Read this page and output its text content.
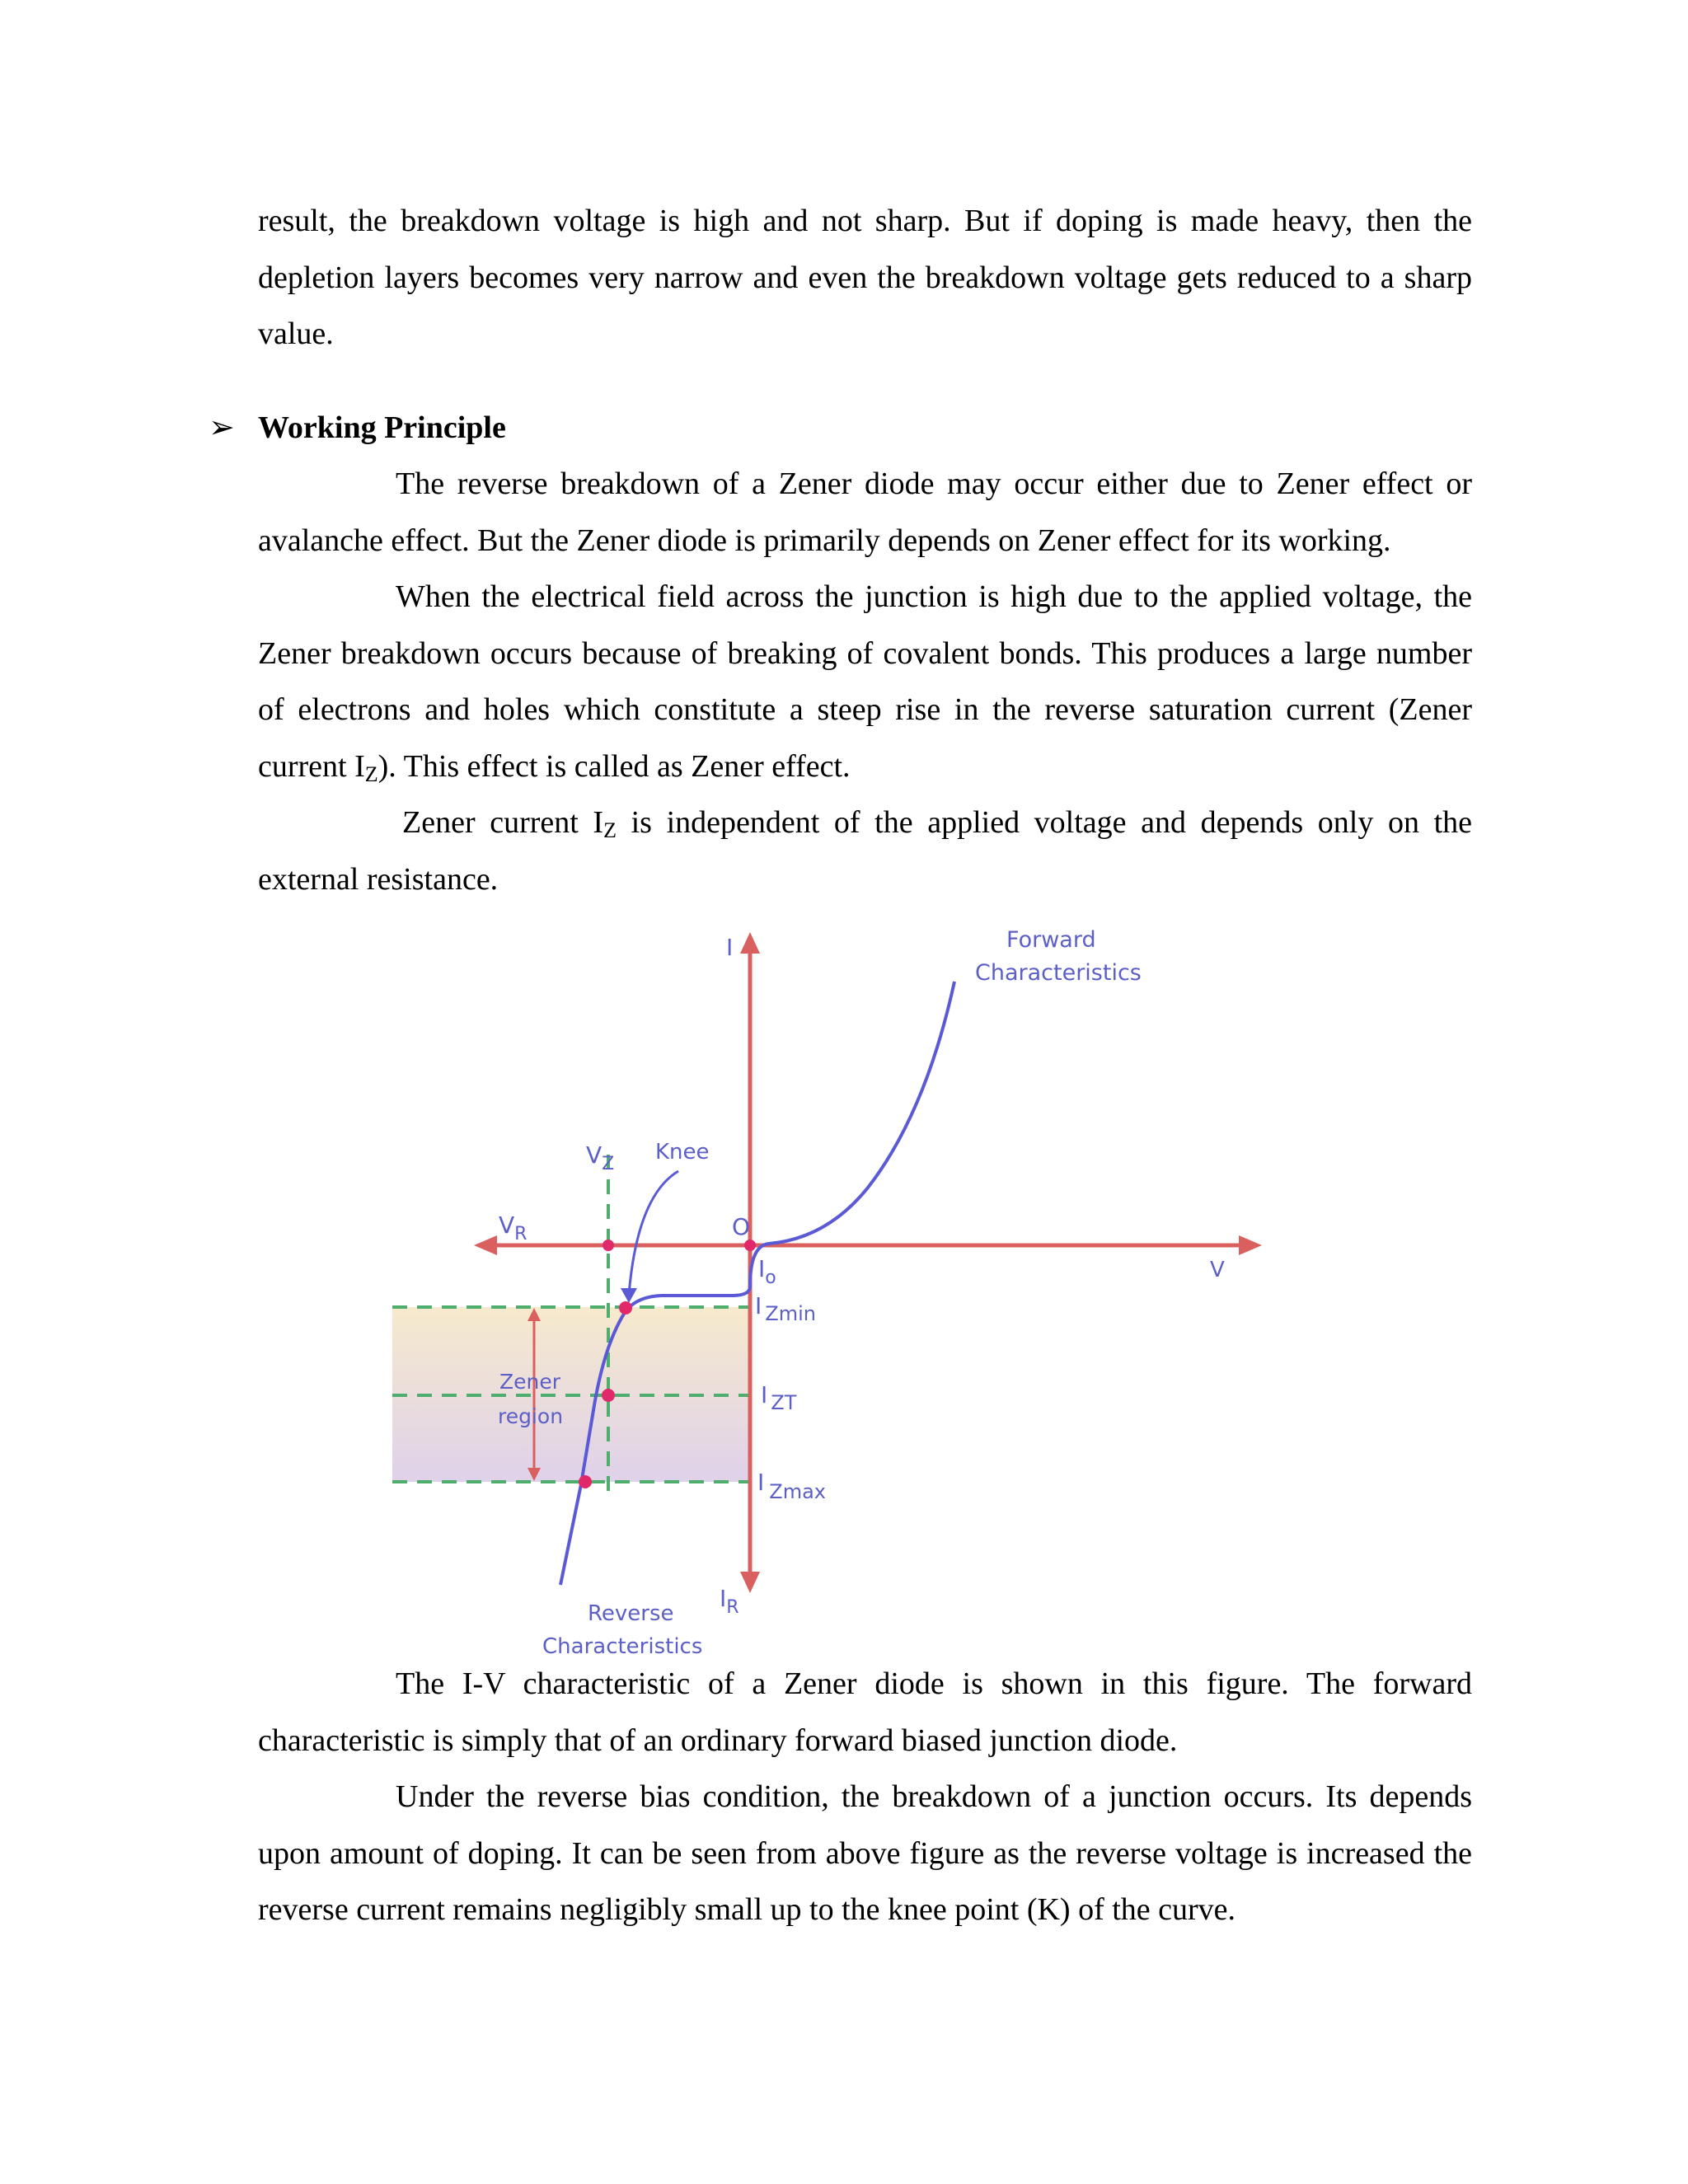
result, the breakdown voltage is high and not sharp. But if doping is made heavy, then the depletion layers becomes very narrow and even the breakdown voltage gets reduced to a sharp value.

➢ Working Principle

The reverse breakdown of a Zener diode may occur either due to Zener effect or avalanche effect. But the Zener diode is primarily depends on Zener effect for its working.

When the electrical field across the junction is high due to the applied voltage, the Zener breakdown occurs because of breaking of covalent bonds. This produces a large number of electrons and holes which constitute a steep rise in the reverse saturation current (Zener current $I_Z$). This effect is called as Zener effect.

Zener current $I_Z$ is independent of the applied voltage and depends only on the external resistance.

I	Forward
Characteristics
$V_Z$ Knee
$V_R$	O
$I_o$	V
I Zmin
I ZT
I Zmax
Zener
region
$I_R$
Reverse
Characteristics

The I-V characteristic of a Zener diode is shown in this figure. The forward characteristic is simply that of an ordinary forward biased junction diode.

Under the reverse bias condition, the breakdown of a junction occurs. Its depends upon amount of doping. It can be seen from above figure as the reverse voltage is increased the reverse current remains negligibly small up to the knee point (K) of the curve.
